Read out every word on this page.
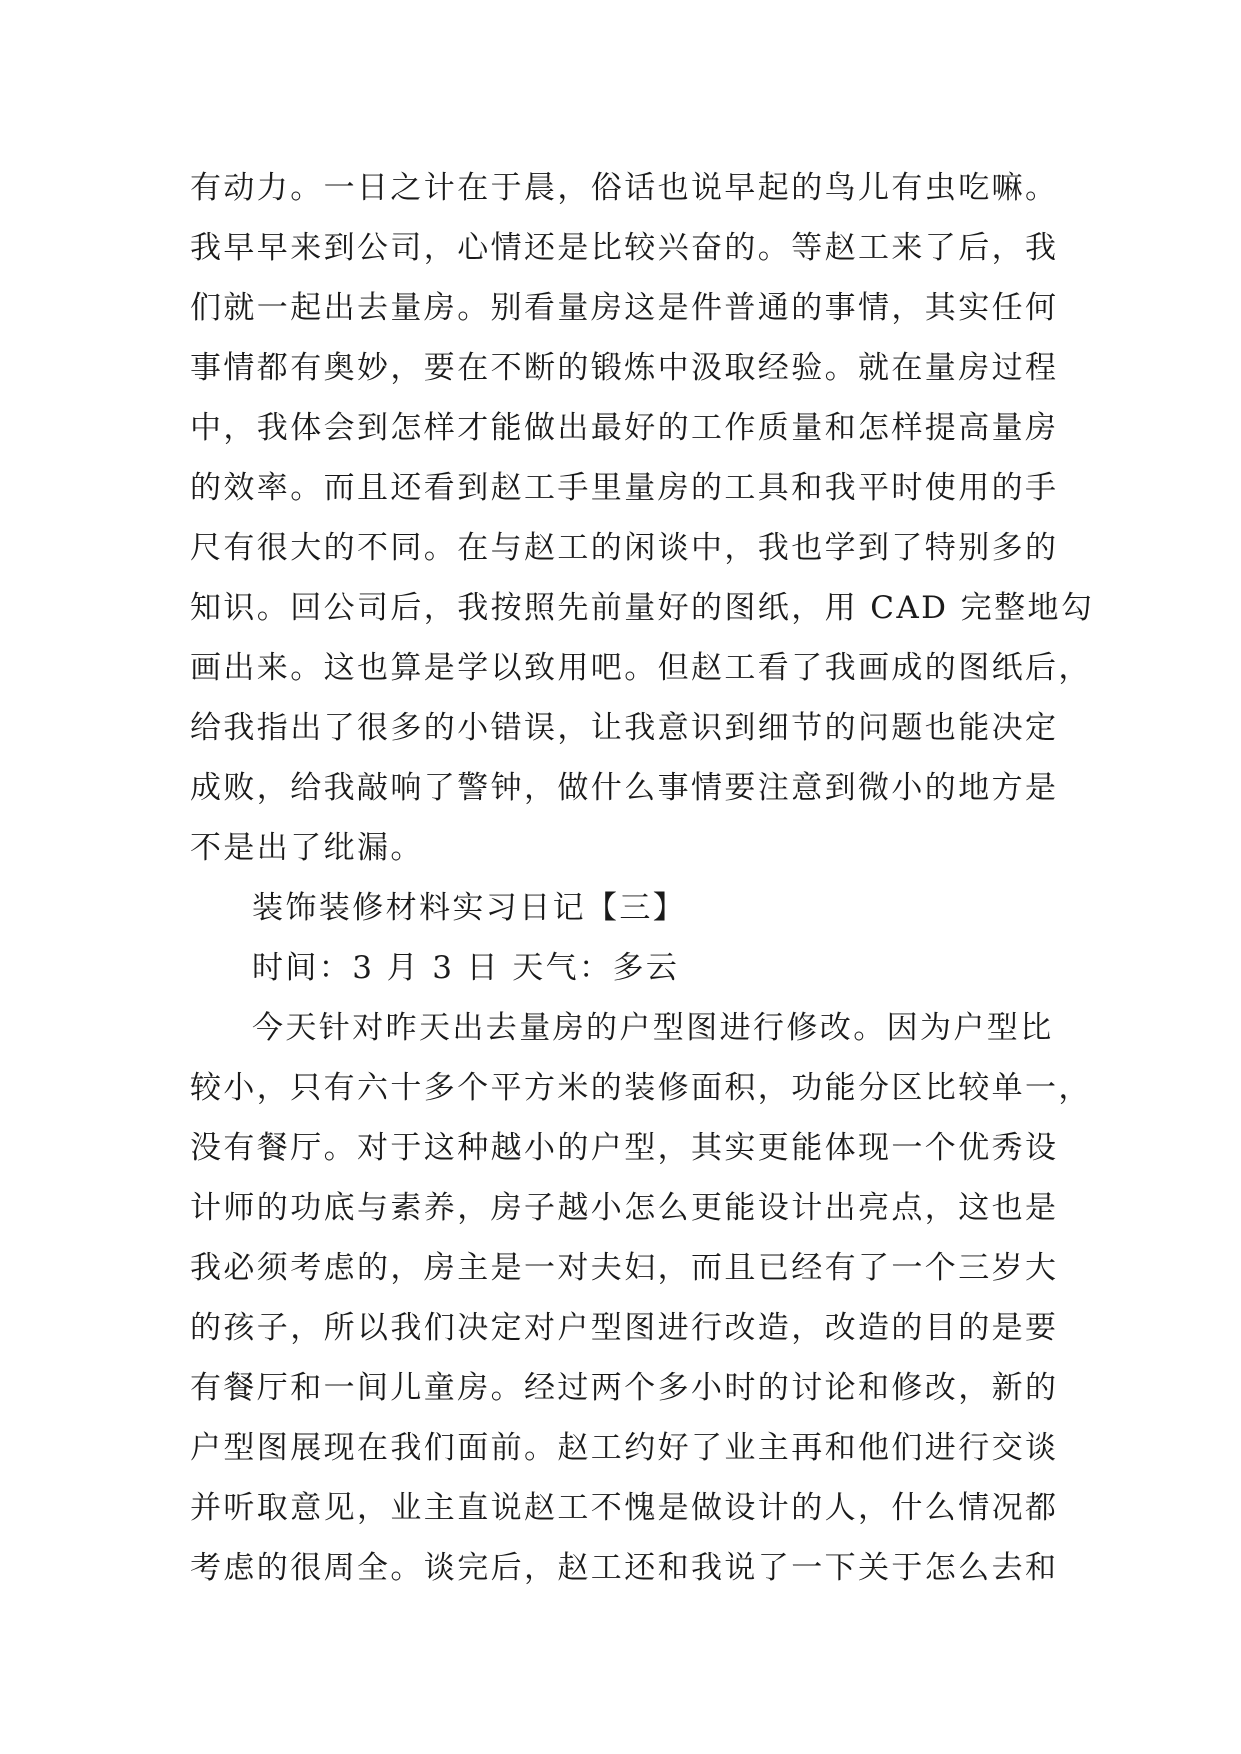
有动力。一日之计在于晨，俗话也说早起的鸟儿有虫吃嘛。
我早早来到公司，心情还是比较兴奋的。等赵工来了后，我
们就一起出去量房。别看量房这是件普通的事情，其实任何
事情都有奥妙，要在不断的锻炼中汲取经验。就在量房过程
中，我体会到怎样才能做出最好的工作质量和怎样提高量房
的效率。而且还看到赵工手里量房的工具和我平时使用的手
尺有很大的不同。在与赵工的闲谈中，我也学到了特别多的
知识。回公司后，我按照先前量好的图纸，用 CAD 完整地勾
画出来。这也算是学以致用吧。但赵工看了我画成的图纸后，
给我指出了很多的小错误，让我意识到细节的问题也能决定
成败，给我敲响了警钟，做什么事情要注意到微小的地方是
不是出了纰漏。
装饰装修材料实习日记【三】
时间：3 月 3 日 天气：多云
今天针对昨天出去量房的户型图进行修改。因为户型比
较小，只有六十多个平方米的装修面积，功能分区比较单一，
没有餐厅。对于这种越小的户型，其实更能体现一个优秀设
计师的功底与素养，房子越小怎么更能设计出亮点，这也是
我必须考虑的，房主是一对夫妇，而且已经有了一个三岁大
的孩子，所以我们决定对户型图进行改造，改造的目的是要
有餐厅和一间儿童房。经过两个多小时的讨论和修改，新的
户型图展现在我们面前。赵工约好了业主再和他们进行交谈
并听取意见，业主直说赵工不愧是做设计的人，什么情况都
考虑的很周全。谈完后，赵工还和我说了一下关于怎么去和
